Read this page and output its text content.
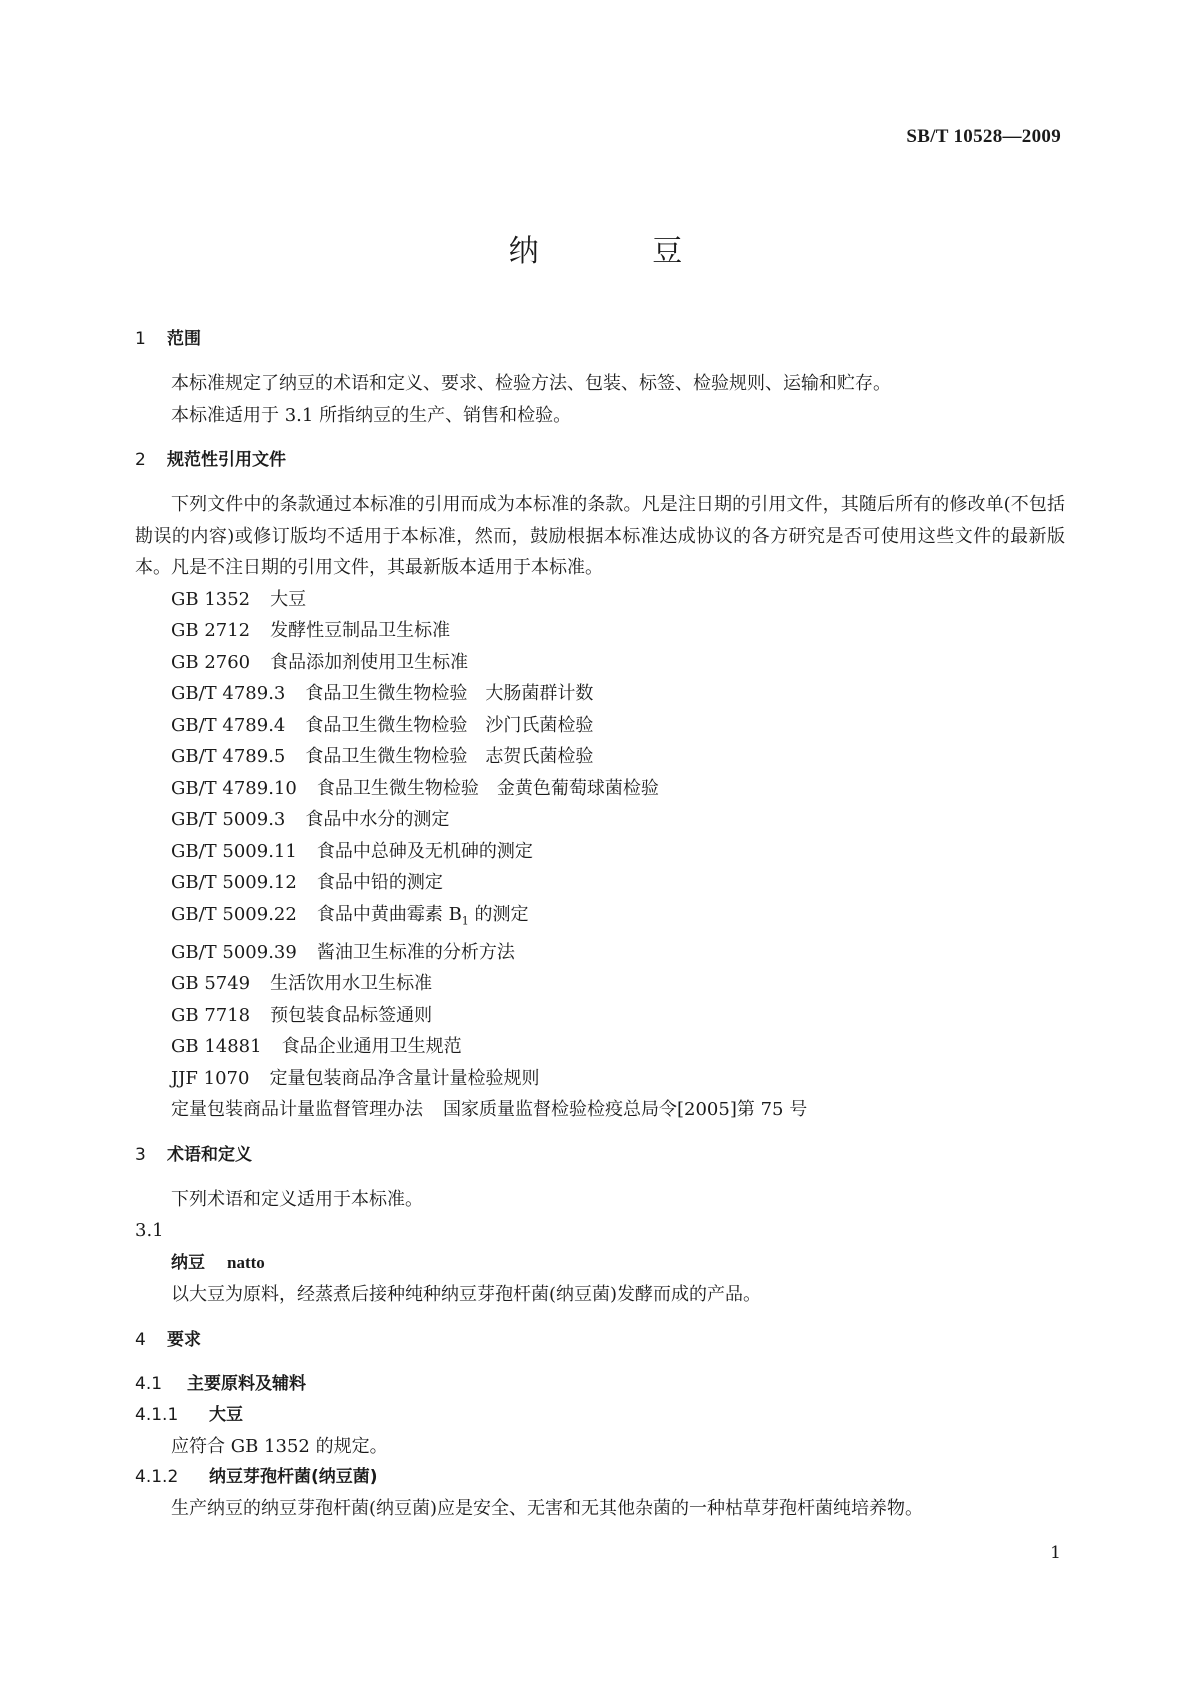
SB/T 10528—2009
纳 豆
1 范围

本标准规定了纳豆的术语和定义、要求、检验方法、包装、标签、检验规则、运输和贮存。

本标准适用于 3.1 所指纳豆的生产、销售和检验。

2 规范性引用文件

下列文件中的条款通过本标准的引用而成为本标准的条款。凡是注日期的引用文件，其随后所有的修改单(不包括勘误的内容)或修订版均不适用于本标准，然而，鼓励根据本标准达成协议的各方研究是否可使用这些文件的最新版本。凡是不注日期的引用文件，其最新版本适用于本标准。

GB 1352 大豆

GB 2712 发酵性豆制品卫生标准

GB 2760 食品添加剂使用卫生标准

GB/T 4789.3 食品卫生微生物检验　大肠菌群计数

GB/T 4789.4 食品卫生微生物检验　沙门氏菌检验

GB/T 4789.5 食品卫生微生物检验　志贺氏菌检验

GB/T 4789.10 食品卫生微生物检验　金黄色葡萄球菌检验

GB/T 5009.3 食品中水分的测定

GB/T 5009.11 食品中总砷及无机砷的测定

GB/T 5009.12 食品中铅的测定

GB/T 5009.22 食品中黄曲霉素 $B_1$ 的测定

GB/T 5009.39 酱油卫生标准的分析方法

GB 5749 生活饮用水卫生标准

GB 7718 预包装食品标签通则

GB 14881 食品企业通用卫生规范

JJF 1070 定量包装商品净含量计量检验规则

定量包装商品计量监督管理办法 国家质量监督检验检疫总局令[2005]第 75 号

3 术语和定义

下列术语和定义适用于本标准。

3.1

纳豆 natto

以大豆为原料，经蒸煮后接种纯种纳豆芽孢杆菌(纳豆菌)发酵而成的产品。

4 要求
4.1 主要原料及辅料
4.1.1 大豆

应符合 GB 1352 的规定。

4.1.2 纳豆芽孢杆菌(纳豆菌)

生产纳豆的纳豆芽孢杆菌(纳豆菌)应是安全、无害和无其他杂菌的一种枯草芽孢杆菌纯培养物。

1
